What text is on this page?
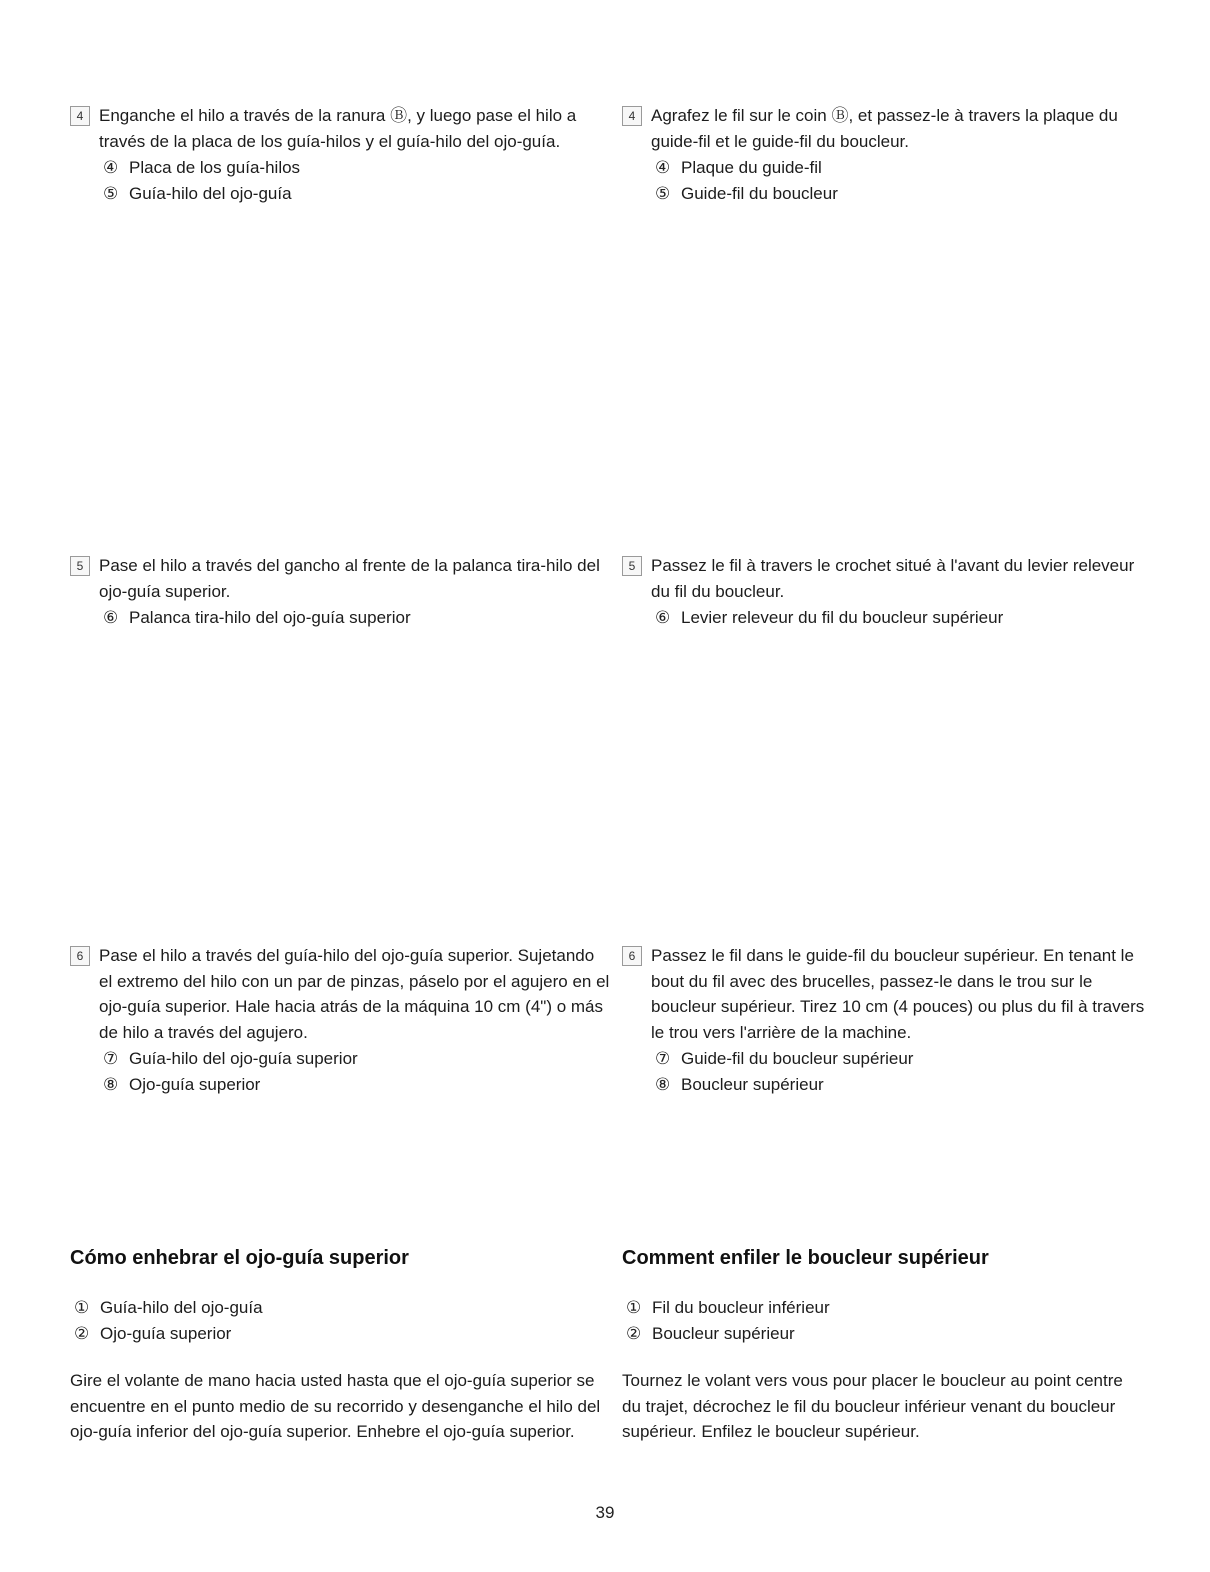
4 Enganche el hilo a través de la ranura Ⓑ, y luego pase el hilo a través de la placa de los guía-hilos y el guía-hilo del ojo-guía.

④ Placa de los guía-hilos
⑤ Guía-hilo del ojo-guía
4 Agrafez le fil sur le coin Ⓑ, et passez-le à travers la plaque du guide-fil et le guide-fil du boucleur.

④ Plaque du guide-fil
⑤ Guide-fil du boucleur
5 Pase el hilo a través del gancho al frente de la palanca tira-hilo del ojo-guía superior.

⑥ Palanca tira-hilo del ojo-guía superior
5 Passez le fil à travers le crochet situé à l'avant du levier releveur du fil du boucleur.

⑥ Levier releveur du fil du boucleur supérieur
6 Pase el hilo a través del guía-hilo del ojo-guía superior. Sujetando el extremo del hilo con un par de pinzas, páselo por el agujero en el ojo-guía superior. Hale hacia atrás de la máquina 10 cm (4") o más de hilo a través del agujero.

⑦ Guía-hilo del ojo-guía superior
⑧ Ojo-guía superior
6 Passez le fil dans le guide-fil du boucleur supérieur. En tenant le bout du fil avec des brucelles, passez-le dans le trou sur le boucleur supérieur. Tirez 10 cm (4 pouces) ou plus du fil à travers le trou vers l'arrière de la machine.

⑦ Guide-fil du boucleur supérieur
⑧ Boucleur supérieur
Cómo enhebrar el ojo-guía superior
① Guía-hilo del ojo-guía
② Ojo-guía superior

Gire el volante de mano hacia usted hasta que el ojo-guía superior se encuentre en el punto medio de su recorrido y desenganche el hilo del ojo-guía inferior del ojo-guía superior. Enhebre el ojo-guía superior.

Comment enfiler le boucleur supérieur
① Fil du boucleur inférieur
② Boucleur supérieur

Tournez le volant vers vous pour placer le boucleur au point centre du trajet, décrochez le fil du boucleur inférieur venant du boucleur supérieur. Enfilez le boucleur supérieur.

39
